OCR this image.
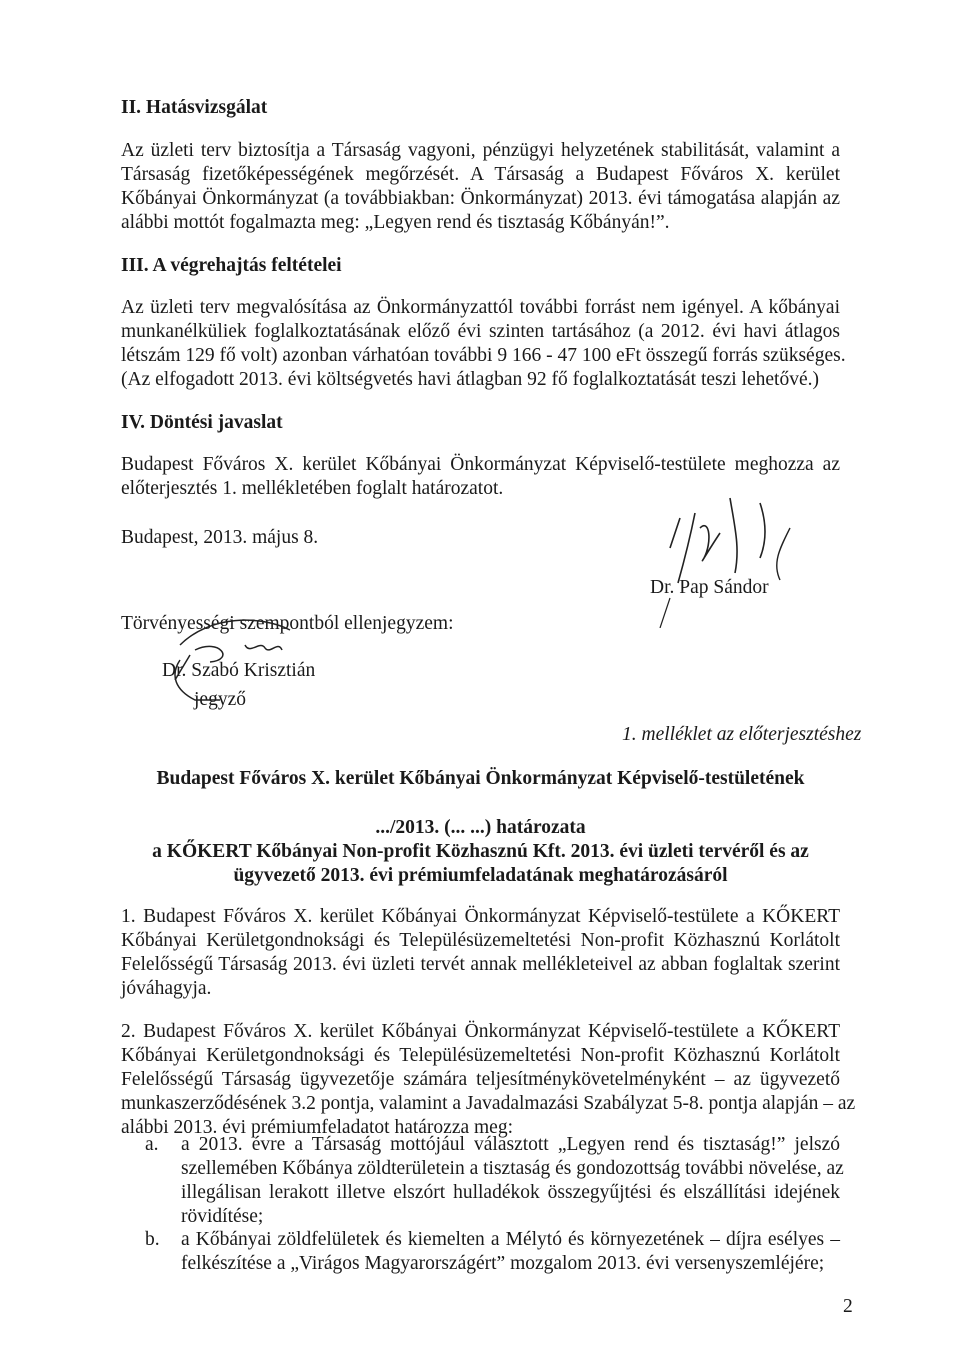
II. Hatásvizsgálat
Az üzleti terv biztosítja a Társaság vagyoni, pénzügyi helyzetének stabilitását, valamint a
Társaság fizetőképességének megőrzését. A Társaság a Budapest Főváros X. kerület
Kőbányai Önkormányzat (a továbbiakban: Önkormányzat) 2013. évi támogatása alapján az
alábbi mottót fogalmazta meg: „Legyen rend és tisztaság Kőbányán!”.
III. A végrehajtás feltételei
Az üzleti terv megvalósítása az Önkormányzattól további forrást nem igényel. A kőbányai
munkanélküliek foglalkoztatásának előző évi szinten tartásához (a 2012. évi havi átlagos
létszám 129 fő volt) azonban várhatóan további 9 166 - 47 100 eFt összegű forrás szükséges.
(Az elfogadott 2013. évi költségvetés havi átlagban 92 fő foglalkoztatását teszi lehetővé.)
IV. Döntési javaslat
Budapest Főváros X. kerület Kőbányai Önkormányzat Képviselő-testülete meghozza az
előterjesztés 1. mellékletében foglalt határozatot.
Budapest, 2013. május 8.
Dr. Pap Sándor
Törvényességi szempontból ellenjegyzem:
Dr. Szabó Krisztián
jegyző
1. melléklet az előterjesztéshez
Budapest Főváros X. kerület Kőbányai Önkormányzat Képviselő-testületének
.../2013. (... ...) határozata
a KŐKERT Kőbányai Non-profit Közhasznú Kft. 2013. évi üzleti tervéről és az
ügyvezető 2013. évi prémiumfeladatának meghatározásáról
1. Budapest Főváros X. kerület Kőbányai Önkormányzat Képviselő-testülete a KŐKERT
Kőbányai Kerületgondnoksági és Településüzemeltetési Non-profit Közhasznú Korlátolt
Felelősségű Társaság 2013. évi üzleti tervét annak mellékleteivel az abban foglaltak szerint
jóváhagyja.
2. Budapest Főváros X. kerület Kőbányai Önkormányzat Képviselő-testülete a KŐKERT
Kőbányai Kerületgondnoksági és Településüzemeltetési Non-profit Közhasznú Korlátolt
Felelősségű Társaság ügyvezetője számára teljesítménykövetelményként – az ügyvezető
munkaszerződésének 3.2 pontja, valamint a Javadalmazási Szabályzat 5-8. pontja alapján – az
alábbi 2013. évi prémiumfeladatot határozza meg:
a. a 2013. évre a Társaság mottójául választott „Legyen rend és tisztaság!” jelszó
szellemében Kőbánya zöldterületein a tisztaság és gondozottság további növelése, az
illegálisan lerakott illetve elszórt hulladékok összegyűjtési és elszállítási idejének
rövidítése;
b. a Kőbányai zöldfelületek és kiemelten a Mélytó és környezetének – díjra esélyes –
felkészítése a „Virágos Magyarországért” mozgalom 2013. évi versenyszemléjére;
2
